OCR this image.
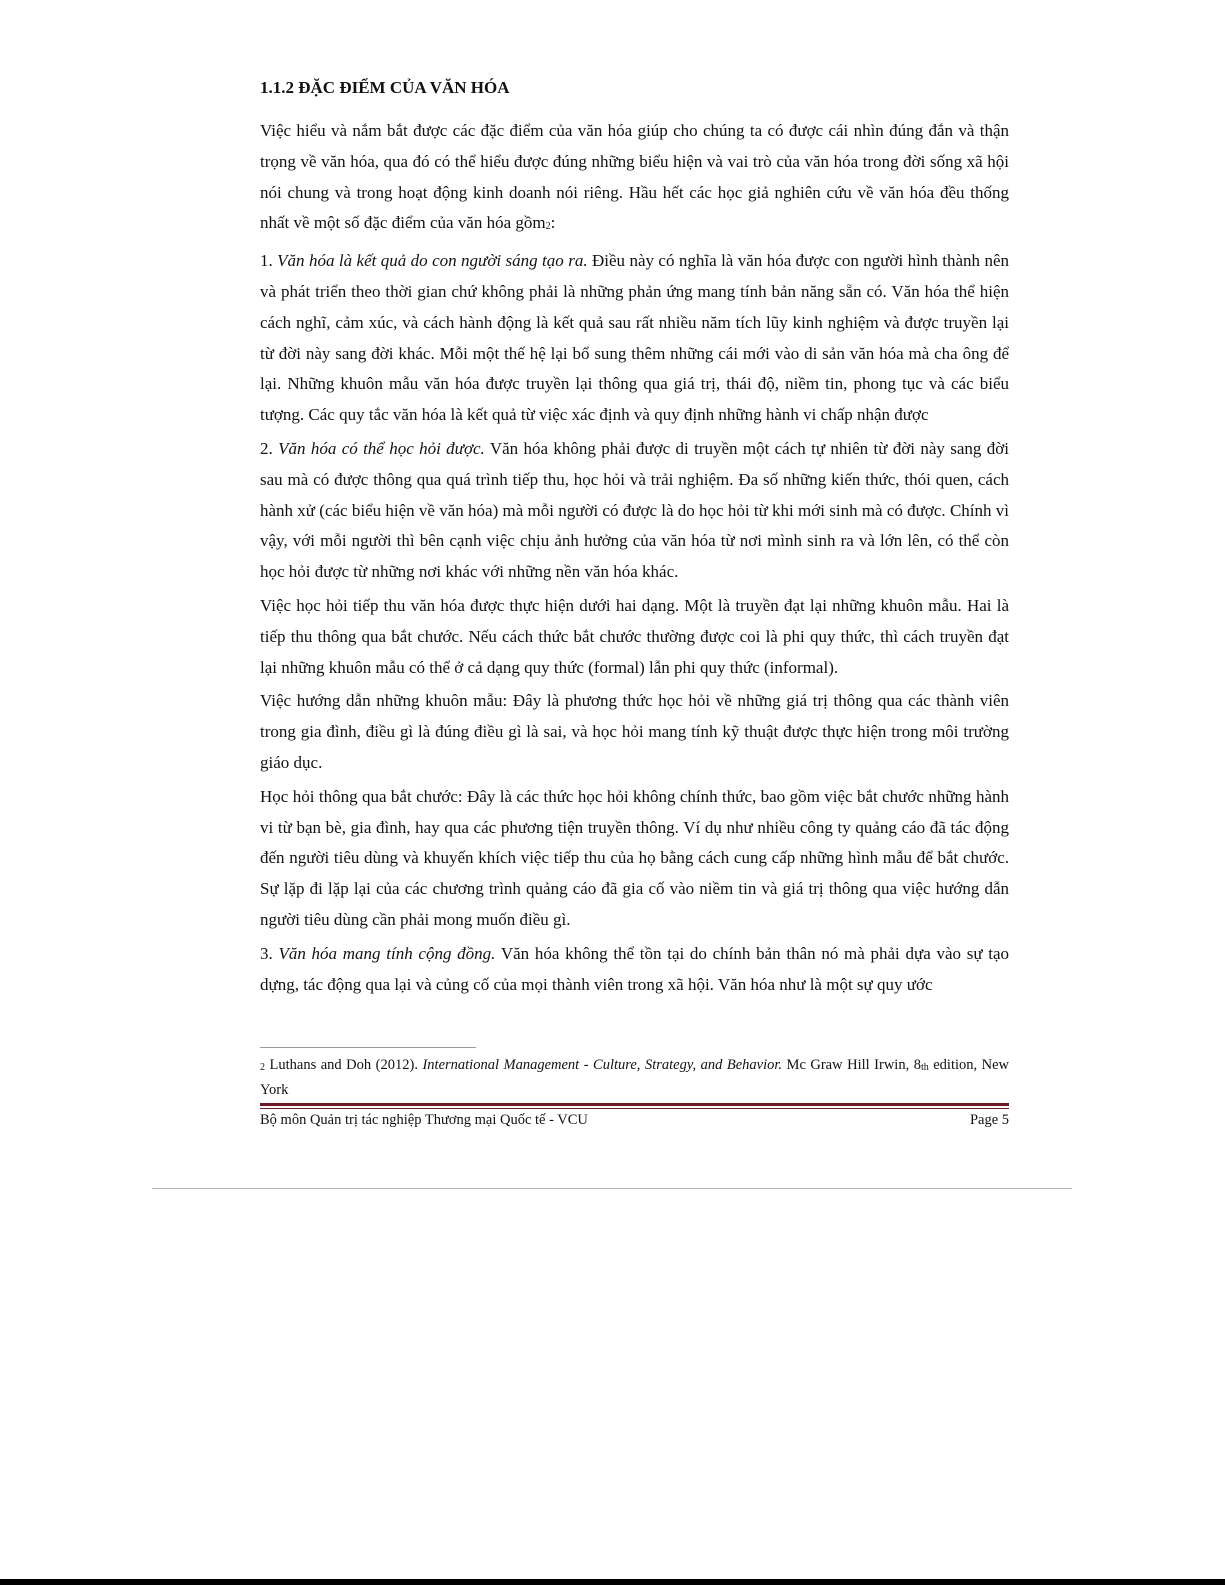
1.1.2 ĐẶC ĐIỂM CỦA VĂN HÓA

Việc hiểu và nắm bắt được các đặc điểm của văn hóa giúp cho chúng ta có được cái nhìn đúng đắn và thận trọng về văn hóa, qua đó có thể hiểu được đúng những biểu hiện và vai trò của văn hóa trong đời sống xã hội nói chung và trong hoạt động kinh doanh nói riêng. Hầu hết các học giả nghiên cứu về văn hóa đều thống nhất về một số đặc điểm của văn hóa gồm2:

1. Văn hóa là kết quả do con người sáng tạo ra. Điều này có nghĩa là văn hóa được con người hình thành nên và phát triển theo thời gian chứ không phải là những phản ứng mang tính bản năng sẵn có. Văn hóa thể hiện cách nghĩ, cảm xúc, và cách hành động là kết quả sau rất nhiều năm tích lũy kinh nghiệm và được truyền lại từ đời này sang đời khác. Mỗi một thế hệ lại bổ sung thêm những cái mới vào di sản văn hóa mà cha ông để lại. Những khuôn mẫu văn hóa được truyền lại thông qua giá trị, thái độ, niềm tin, phong tục và các biểu tượng. Các quy tắc văn hóa là kết quả từ việc xác định và quy định những hành vi chấp nhận được

2. Văn hóa có thể học hỏi được. Văn hóa không phải được di truyền một cách tự nhiên từ đời này sang đời sau mà có được thông qua quá trình tiếp thu, học hỏi và trải nghiệm. Đa số những kiến thức, thói quen, cách hành xử (các biểu hiện về văn hóa) mà mỗi người có được là do học hỏi từ khi mới sinh mà có được. Chính vì vậy, với mỗi người thì bên cạnh việc chịu ảnh hưởng của văn hóa từ nơi mình sinh ra và lớn lên, có thể còn học hỏi được từ những nơi khác với những nền văn hóa khác.

Việc học hỏi tiếp thu văn hóa được thực hiện dưới hai dạng. Một là truyền đạt lại những khuôn mẫu. Hai là tiếp thu thông qua bắt chước. Nếu cách thức bắt chước thường được coi là phi quy thức, thì cách truyền đạt lại những khuôn mẫu có thể ở cả dạng quy thức (formal) lẫn phi quy thức (informal).

Việc hướng dẫn những khuôn mẫu: Đây là phương thức học hỏi về những giá trị thông qua các thành viên trong gia đình, điều gì là đúng điều gì là sai, và học hỏi mang tính kỹ thuật được thực hiện trong môi trường giáo dục.

Học hỏi thông qua bắt chước: Đây là các thức học hỏi không chính thức, bao gồm việc bắt chước những hành vi từ bạn bè, gia đình, hay qua các phương tiện truyền thông. Ví dụ như nhiều công ty quảng cáo đã tác động đến người tiêu dùng và khuyến khích việc tiếp thu của họ bằng cách cung cấp những hình mẫu để bắt chước. Sự lặp đi lặp lại của các chương trình quảng cáo đã gia cố vào niềm tin và giá trị thông qua việc hướng dẫn người tiêu dùng cần phải mong muốn điều gì.

3. Văn hóa mang tính cộng đồng. Văn hóa không thể tồn tại do chính bản thân nó mà phải dựa vào sự tạo dựng, tác động qua lại và củng cố của mọi thành viên trong xã hội. Văn hóa như là một sự quy ước

2 Luthans and Doh (2012). International Management - Culture, Strategy, and Behavior. Mc Graw Hill Irwin, 8th edition, New York
Bộ môn Quản trị tác nghiệp Thương mại Quốc tế - VCU	Page 5
